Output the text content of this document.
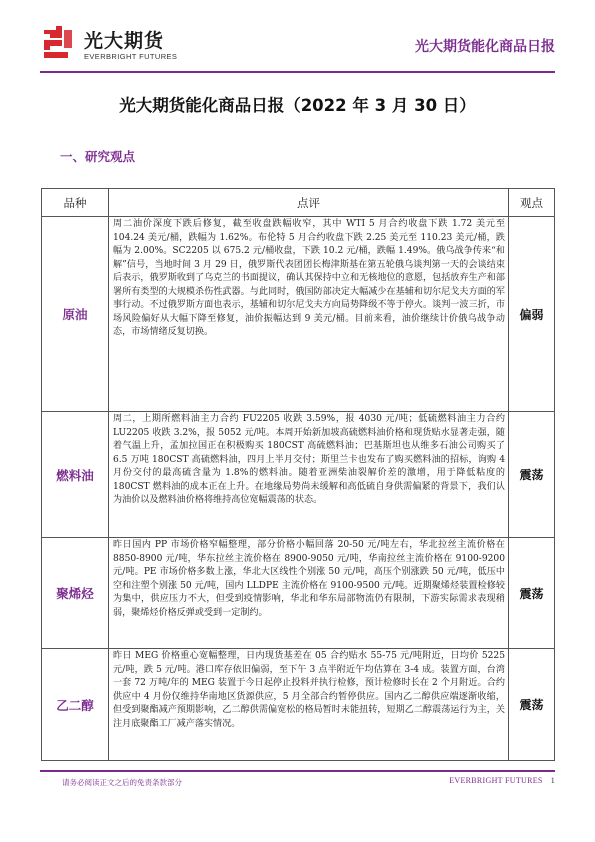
光大期货
EVERBRIGHT FUTURES
光大期货能化商品日报
光大期货能化商品日报（2022 年 3 月 30 日）
一、研究观点
品种	点评	观点
原油	周二油价深度下跌后修复，截至收盘跌幅收窄，其中 WTI 5 月合约收盘下跌 1.72 美元至 104.24 美元/桶，跌幅为 1.62%。布伦特 5 月合约收盘下跌 2.25 美元至 110.23 美元/桶，跌幅为 2.00%。SC2205 以 675.2 元/桶收盘，下跌 10.2 元/桶，跌幅 1.49%。俄乌战争传来“和解”信号，当地时间 3 月 29 日，俄罗斯代表团团长梅津斯基在第五轮俄乌谈判第一天的会谈结束后表示，俄罗斯收到了乌克兰的书面提议，确认其保持中立和无核地位的意愿，包括放弃生产和部署所有类型的大规模杀伤性武器。与此同时，俄国防部决定大幅减少在基辅和切尔尼戈夫方面的军事行动。不过俄罗斯方面也表示，基辅和切尔尼戈夫方向局势降级不等于停火。谈判一波三折，市场风险偏好从大幅下降至修复，油价振幅达到 9 美元/桶。目前来看，油价继续计价俄乌战争动态，市场情绪反复切换。	偏弱
燃料油	周二，上期所燃料油主力合约 FU2205 收跌 3.59%，报 4030 元/吨；低硫燃料油主力合约 LU2205 收跌 3.2%，报 5052 元/吨。本周开始新加坡高硫燃料油价格和现货贴水显著走强，随着气温上升，孟加拉国正在积极购买 180CST 高硫燃料油；巴基斯坦也从维多石油公司购买了 6.5 万吨 180CST 高硫燃料油，四月上半月交付；斯里兰卡也发布了购买燃料油的招标，询购 4 月份交付的最高硫含量为 1.8%的燃料油。随着亚洲柴油裂解价差的激增，用于降低粘度的 180CST 燃料油的成本正在上升。在地缘局势尚未缓解和高低硫自身供需偏紧的背景下，我们认为油价以及燃料油价格将维持高位宽幅震荡的状态。	震荡
聚烯烃	昨日国内 PP 市场价格窄幅整理，部分价格小幅回落 20-50 元/吨左右，华北拉丝主流价格在 8850-8900 元/吨，华东拉丝主流价格在 8900-9050 元/吨，华南拉丝主流价格在 9100-9200 元/吨。PE 市场价格多数上涨，华北大区线性个别涨 50 元/吨，高压个别涨跌 50 元/吨，低压中空和注塑个别涨 50 元/吨，国内 LLDPE 主流价格在 9100-9500 元/吨。近期聚烯烃装置检修较为集中，供应压力不大，但受到疫情影响，华北和华东局部物流仍有限制，下游实际需求表现稍弱，聚烯烃价格反弹或受到一定制约。	震荡
乙二醇	昨日 MEG 价格重心宽幅整理，日内现货基差在 05 合约贴水 55-75 元/吨附近，日均价 5225 元/吨，跌 5 元/吨。港口库存依旧偏弱，至下午 3 点半附近午均估算在 3-4 成。装置方面，台湾一套 72 万吨/年的 MEG 装置于今日起停止投料并执行检修，预计检修时长在 2 个月附近。合约供应中 4 月份仅维持华南地区货源供应，5 月全部合约暂停供应。国内乙二醇供应端逐渐收缩，但受到聚酯减产预期影响，乙二醇供需偏宽松的格局暂时未能扭转，短期乙二醇震荡运行为主，关注月底聚酯工厂减产落实情况。	震荡
请务必阅读正文之后的免责条款部分	EVERBRIGHT FUTURES 1
